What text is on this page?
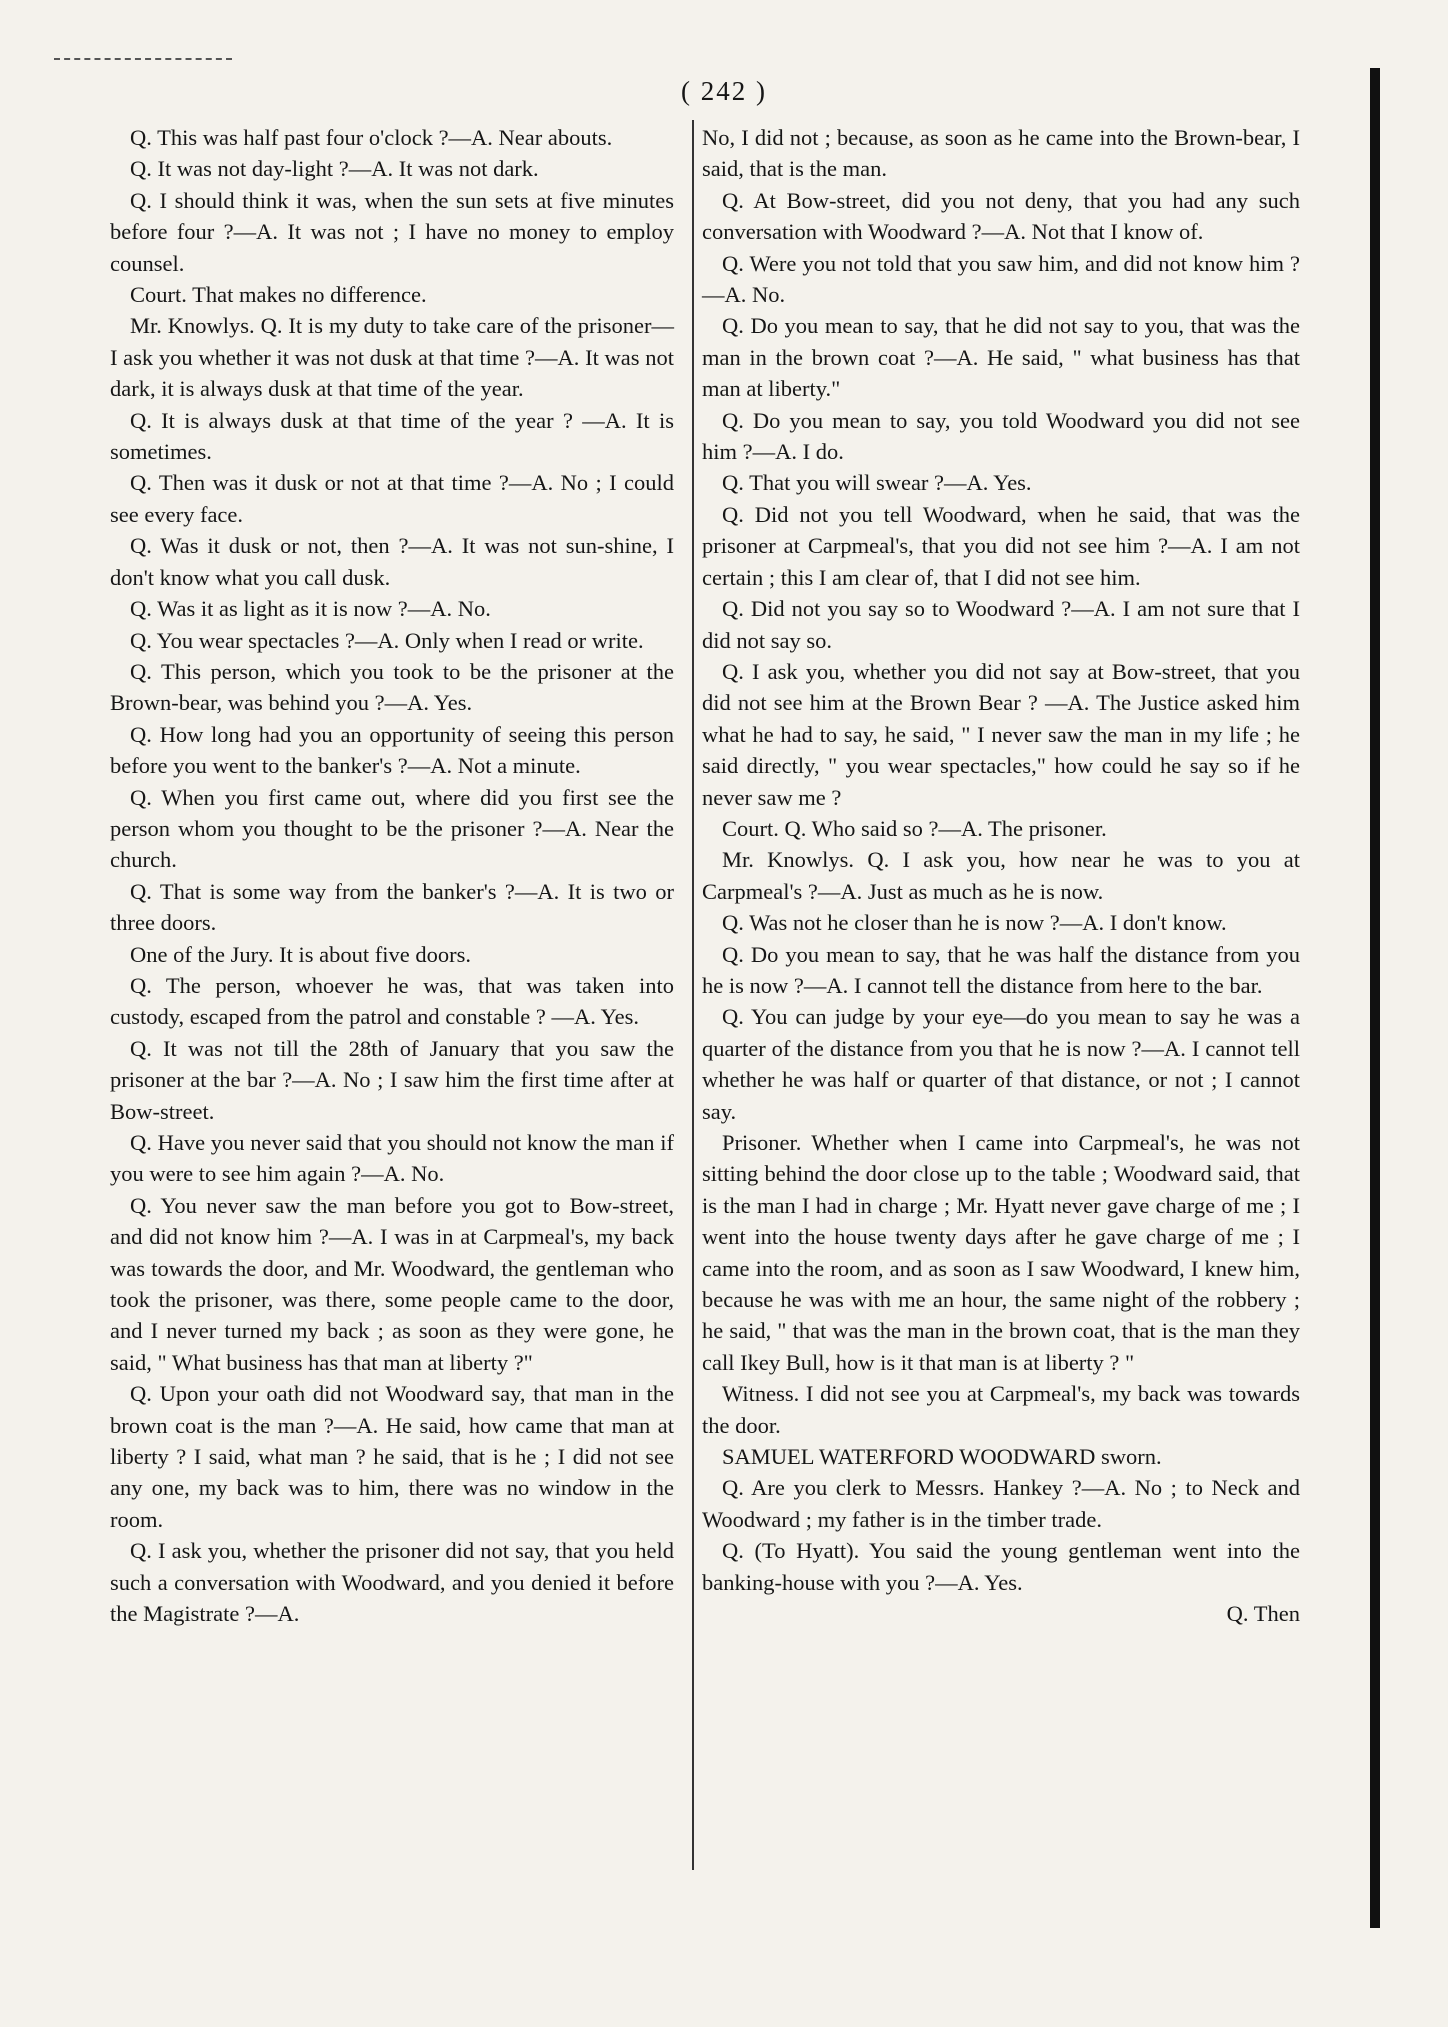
( 242 )

Q. This was half past four o'clock ?—A. Near abouts.

Q. It was not day-light ?—A. It was not dark.

Q. I should think it was, when the sun sets at five minutes before four ?—A. It was not ; I have no money to employ counsel.

Court. That makes no difference.

Mr. Knowlys. Q. It is my duty to take care of the prisoner—I ask you whether it was not dusk at that time ?—A. It was not dark, it is always dusk at that time of the year.

Q. It is always dusk at that time of the year ? —A. It is sometimes.

Q. Then was it dusk or not at that time ?—A. No ; I could see every face.

Q. Was it dusk or not, then ?—A. It was not sun-shine, I don't know what you call dusk.

Q. Was it as light as it is now ?—A. No.

Q. You wear spectacles ?—A. Only when I read or write.

Q. This person, which you took to be the prisoner at the Brown-bear, was behind you ?—A. Yes.

Q. How long had you an opportunity of seeing this person before you went to the banker's ?—A. Not a minute.

Q. When you first came out, where did you first see the person whom you thought to be the prisoner ?—A. Near the church.

Q. That is some way from the banker's ?—A. It is two or three doors.

One of the Jury. It is about five doors.

Q. The person, whoever he was, that was taken into custody, escaped from the patrol and constable ? —A. Yes.

Q. It was not till the 28th of January that you saw the prisoner at the bar ?—A. No ; I saw him the first time after at Bow-street.

Q. Have you never said that you should not know the man if you were to see him again ?—A. No.

Q. You never saw the man before you got to Bow-street, and did not know him ?—A. I was in at Carpmeal's, my back was towards the door, and Mr. Woodward, the gentleman who took the prisoner, was there, some people came to the door, and I never turned my back ; as soon as they were gone, he said, " What business has that man at liberty ?"

Q. Upon your oath did not Woodward say, that man in the brown coat is the man ?—A. He said, how came that man at liberty ? I said, what man ? he said, that is he ; I did not see any one, my back was to him, there was no window in the room.

Q. I ask you, whether the prisoner did not say, that you held such a conversation with Woodward, and you denied it before the Magistrate ?—A.

No, I did not ; because, as soon as he came into the Brown-bear, I said, that is the man.

Q. At Bow-street, did you not deny, that you had any such conversation with Woodward ?—A. Not that I know of.

Q. Were you not told that you saw him, and did not know him ?—A. No.

Q. Do you mean to say, that he did not say to you, that was the man in the brown coat ?—A. He said, " what business has that man at liberty."

Q. Do you mean to say, you told Woodward you did not see him ?—A. I do.

Q. That you will swear ?—A. Yes.

Q. Did not you tell Woodward, when he said, that was the prisoner at Carpmeal's, that you did not see him ?—A. I am not certain ; this I am clear of, that I did not see him.

Q. Did not you say so to Woodward ?—A. I am not sure that I did not say so.

Q. I ask you, whether you did not say at Bow-street, that you did not see him at the Brown Bear ? —A. The Justice asked him what he had to say, he said, " I never saw the man in my life ; he said directly, " you wear spectacles," how could he say so if he never saw me ?

Court. Q. Who said so ?—A. The prisoner.

Mr. Knowlys. Q. I ask you, how near he was to you at Carpmeal's ?—A. Just as much as he is now.

Q. Was not he closer than he is now ?—A. I don't know.

Q. Do you mean to say, that he was half the distance from you he is now ?—A. I cannot tell the distance from here to the bar.

Q. You can judge by your eye—do you mean to say he was a quarter of the distance from you that he is now ?—A. I cannot tell whether he was half or quarter of that distance, or not ; I cannot say.

Prisoner. Whether when I came into Carpmeal's, he was not sitting behind the door close up to the table ; Woodward said, that is the man I had in charge ; Mr. Hyatt never gave charge of me ; I went into the house twenty days after he gave charge of me ; I came into the room, and as soon as I saw Woodward, I knew him, because he was with me an hour, the same night of the robbery ; he said, " that was the man in the brown coat, that is the man they call Ikey Bull, how is it that man is at liberty ? "

Witness. I did not see you at Carpmeal's, my back was towards the door.

SAMUEL WATERFORD WOODWARD sworn.

Q. Are you clerk to Messrs. Hankey ?—A. No ; to Neck and Woodward ; my father is in the timber trade.

Q. (To Hyatt). You said the young gentleman went into the banking-house with you ?—A. Yes.

Q. Then
